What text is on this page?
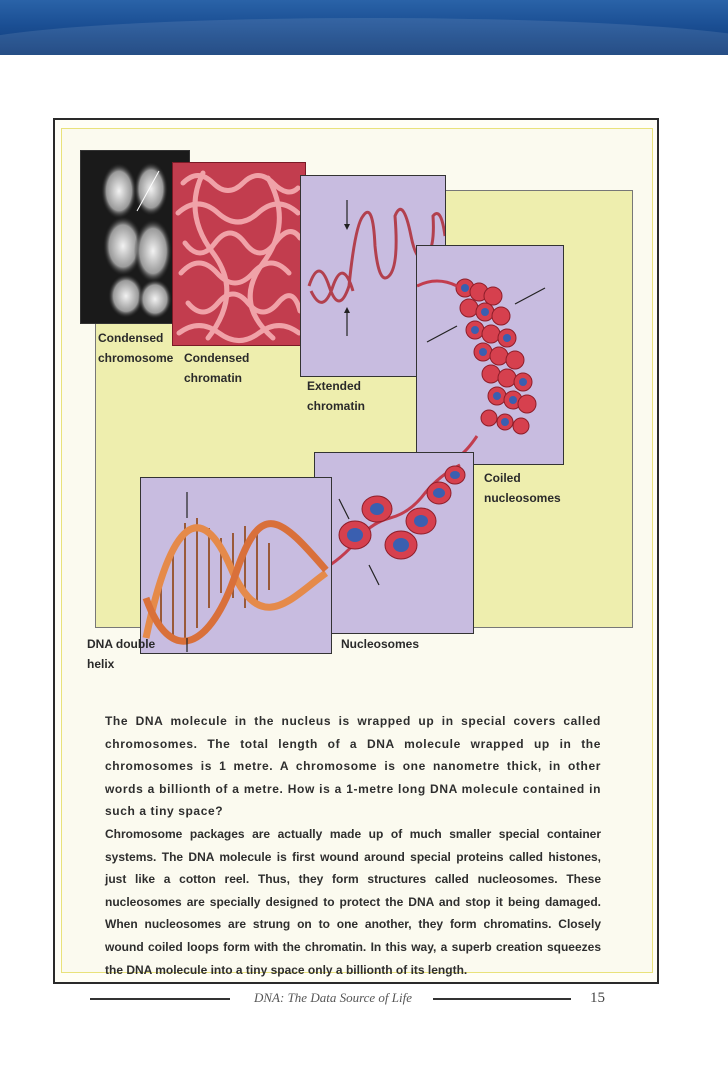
Condensed
chromosome Condensed
chromatin
Extended
chromatin
Coiled
nucleosomes
DNA double
helix
Nucleosomes

The DNA molecule in the nucleus is wrapped up in special covers called chromosomes. The total length of a DNA molecule wrapped up in the chromosomes is 1 metre. A chromosome is one nanometre thick, in other words a billionth of a metre. How is a 1-metre long DNA molecule contained in such a tiny space?

Chromosome packages are actually made up of much smaller special container systems. The DNA molecule is first wound around special proteins called histones, just like a cotton reel. Thus, they form structures called nucleosomes. These nucleosomes are specially designed to protect the DNA and stop it being damaged. When nucleosomes are strung on to one another, they form chromatins. Closely wound coiled loops form with the chromatin. In this way, a superb creation squeezes the DNA molecule into a tiny space only a billionth of its length.

DNA: The Data Source of Life	15
